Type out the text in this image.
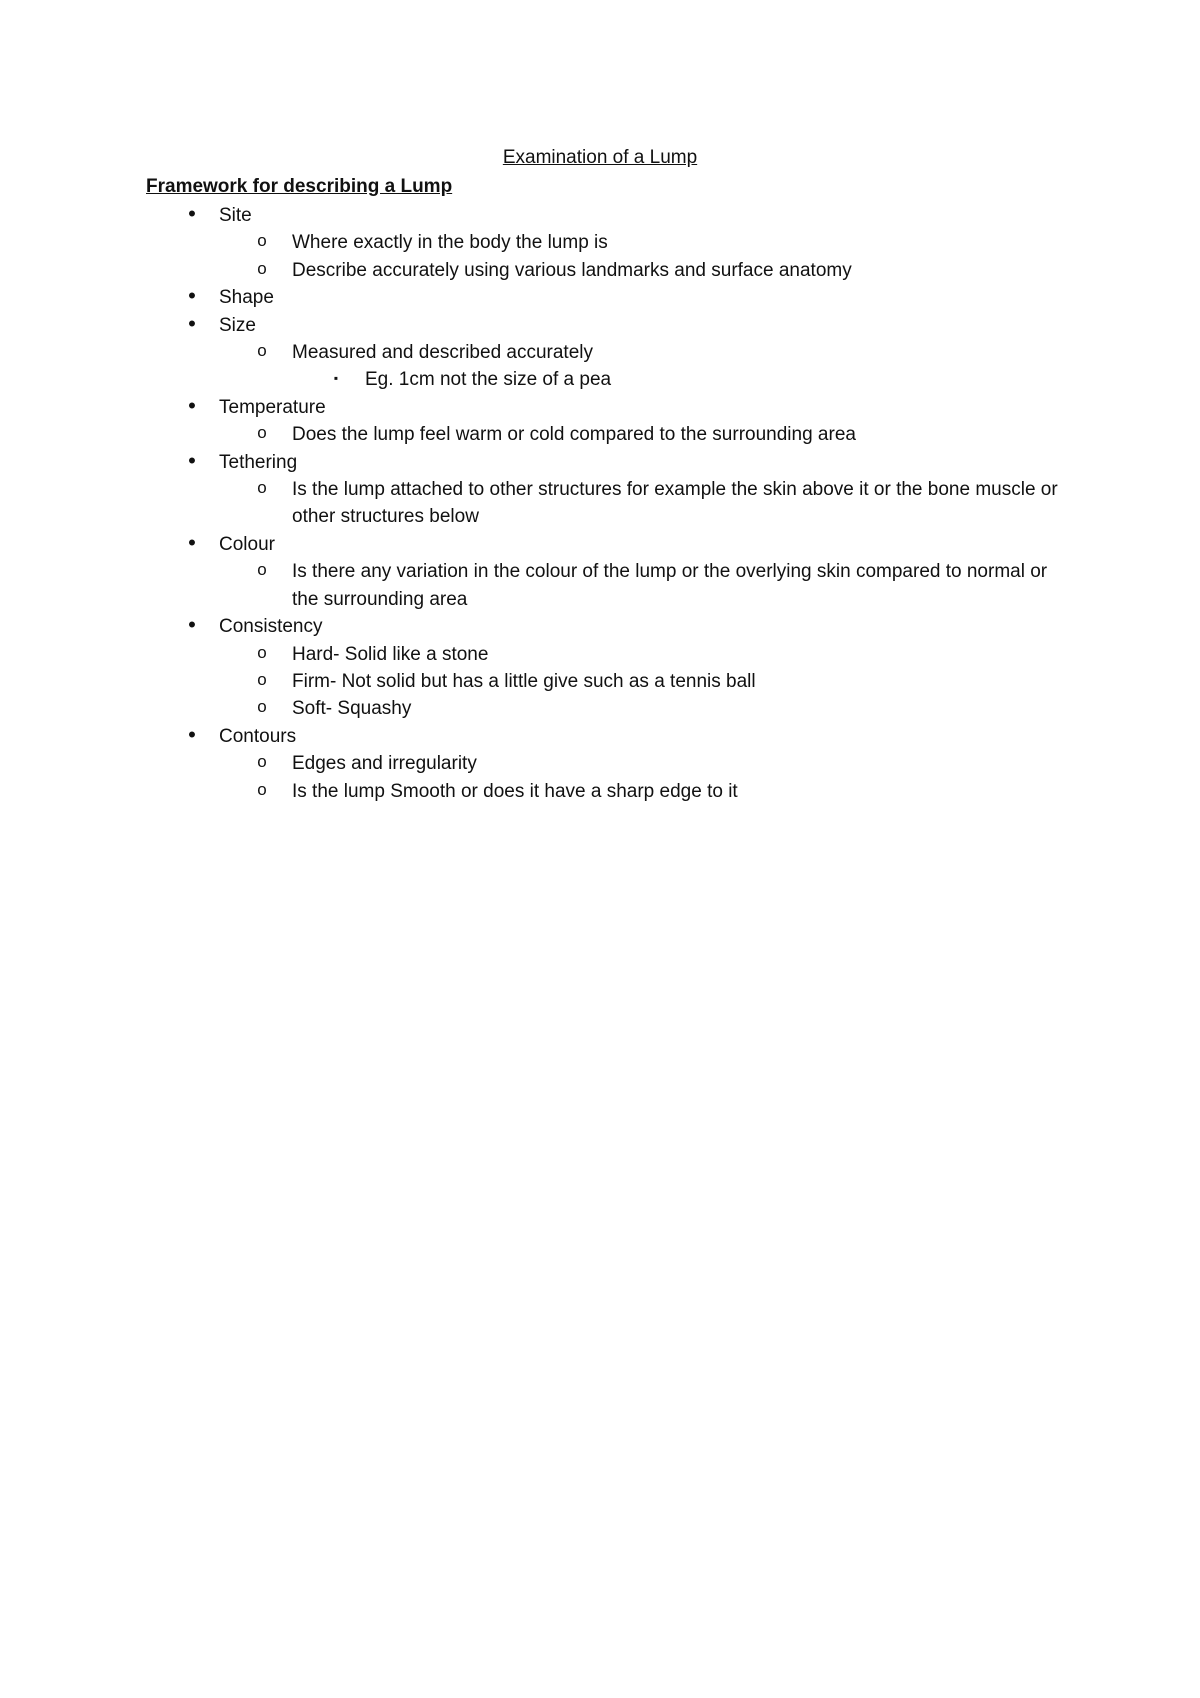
Examination of a Lump
Framework for describing a Lump
•	Site
o Where exactly in the body the lump is
o Describe accurately using various landmarks and surface anatomy
•	Shape
•	Size
o Measured and described accurately
▪	Eg. 1cm not the size of a pea
•	Temperature
o Does the lump feel warm or cold compared to the surrounding area
•	Tethering
o Is the lump attached to other structures for example the skin above it or the bone muscle or other structures below
•	Colour
o Is there any variation in the colour of the lump or the overlying skin compared to normal or the surrounding area
•	Consistency
o Hard- Solid like a stone
o Firm- Not solid but has a little give such as a tennis ball
o Soft- Squashy
•	Contours
o Edges and irregularity
o Is the lump Smooth or does it have a sharp edge to it
